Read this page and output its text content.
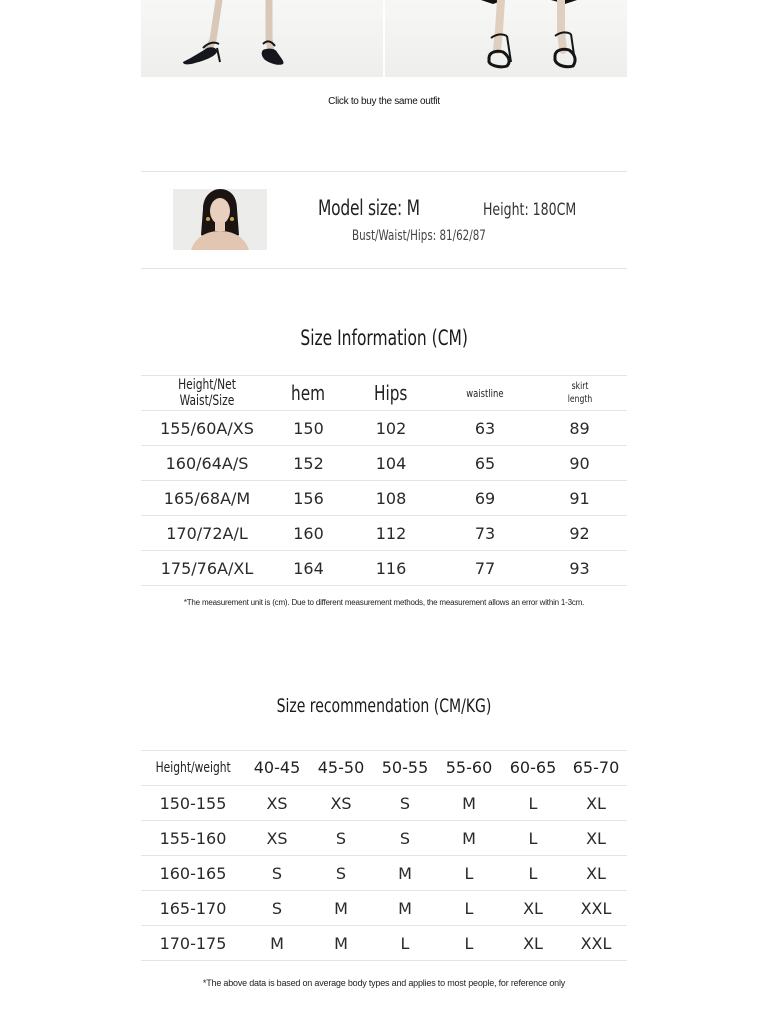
Click to buy the same outfit
Model size: M	Height: 180CM
Bust/Waist/Hips: 81/62/87
Size Information (CM)
Height/Net Waist/Size	hem	Hips	waistline	skirt length
155/60A/XS	150	102	63	89
160/64A/S	152	104	65	90
165/68A/M	156	108	69	91
170/72A/L	160	112	73	92
175/76A/XL	164	116	77	93
*The measurement unit is (cm). Due to different measurement methods, the measurement allows an error within 1-3cm.
Size recommendation (CM/KG)
Height/weight	40-45	45-50	50-55	55-60	60-65	65-70
150-155	XS	XS	S	M	L	XL
155-160	XS	S	S	M	L	XL
160-165	S	S	M	L	L	XL
165-170	S	M	M	L	XL	XXL
170-175	M	M	L	L	XL	XXL
*The above data is based on average body types and applies to most people, for reference only
